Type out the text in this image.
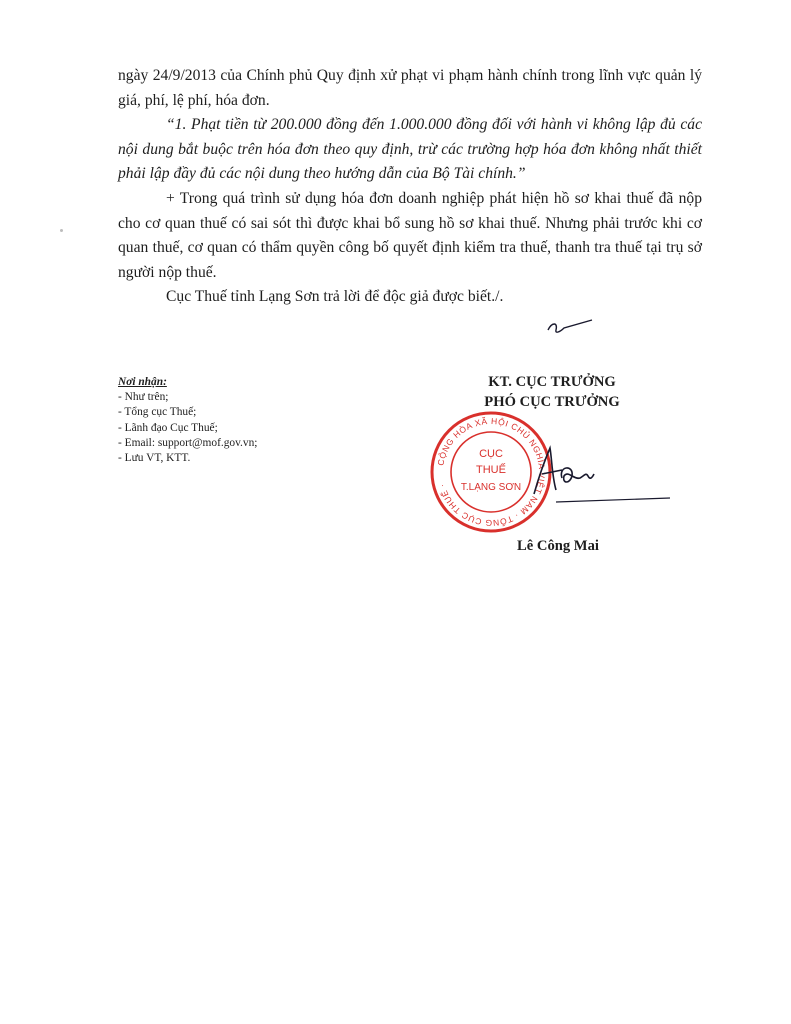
ngày 24/9/2013 của Chính phủ Quy định xử phạt vi phạm hành chính trong lĩnh vực quản lý giá, phí, lệ phí, hóa đơn.

“1. Phạt tiền từ 200.000 đồng đến 1.000.000 đồng đối với hành vi không lập đủ các nội dung bắt buộc trên hóa đơn theo quy định, trừ các trường hợp hóa đơn không nhất thiết phải lập đầy đủ các nội dung theo hướng dẫn của Bộ Tài chính.”

+ Trong quá trình sử dụng hóa đơn doanh nghiệp phát hiện hồ sơ khai thuế đã nộp cho cơ quan thuế có sai sót thì được khai bổ sung hồ sơ khai thuế. Nhưng phải trước khi cơ quan thuế, cơ quan có thẩm quyền công bố quyết định kiểm tra thuế, thanh tra thuế tại trụ sở người nộp thuế.

Cục Thuế tỉnh Lạng Sơn trả lời để độc giả được biết./.

Nơi nhận:
- Như trên;
- Tổng cục Thuế;
- Lãnh đạo Cục Thuế;
- Email: support@mof.gov.vn;
- Lưu VT, KTT.
KT. CỤC TRƯỞNG
PHÓ CỤC TRƯỞNG
CỘNG HÒA XÃ HỘI CHỦ NGHĨA VIỆT NAM · TỔNG CỤC THUẾ ·
CỤC
THUẾ
T.LẠNG SƠN
Lê Công Mai
